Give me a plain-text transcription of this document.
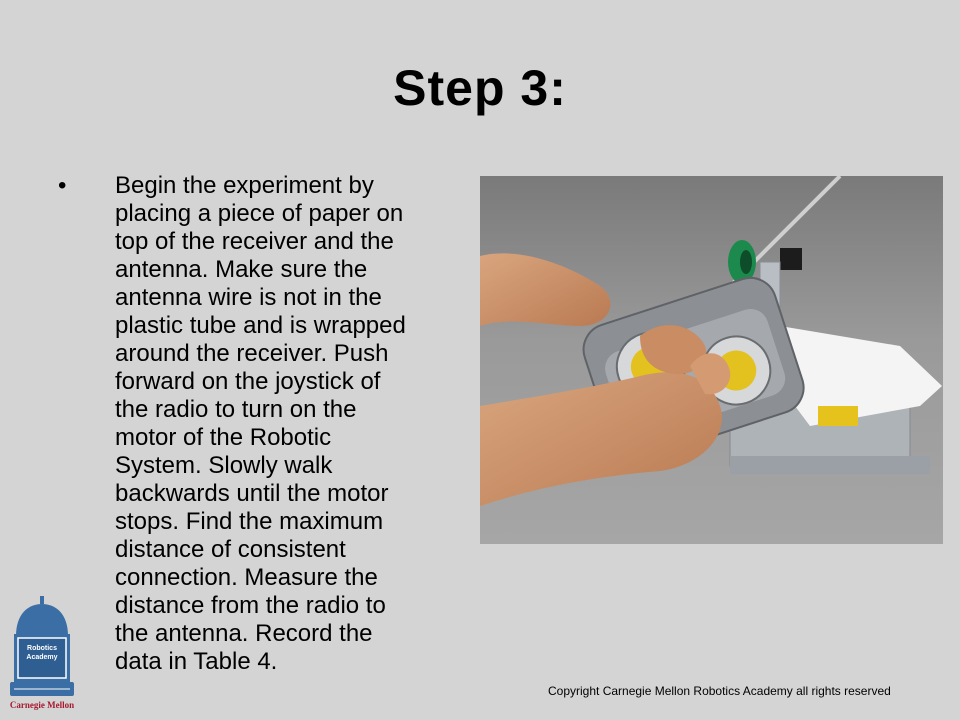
Step 3:
• Begin the experiment by
placing a piece of paper on
top of the receiver and the
antenna. Make sure the
antenna wire is not in the
plastic tube and is wrapped
around the receiver. Push
forward on the joystick of
the radio to turn on the
motor of the Robotic
System. Slowly walk
backwards until the motor
stops. Find the maximum
distance of consistent
connection. Measure the
distance from the radio to
the antenna. Record the
data in Table 4.

Robotics
Academy
Carnegie Mellon
Copyright Carnegie Mellon Robotics Academy all rights reserved
